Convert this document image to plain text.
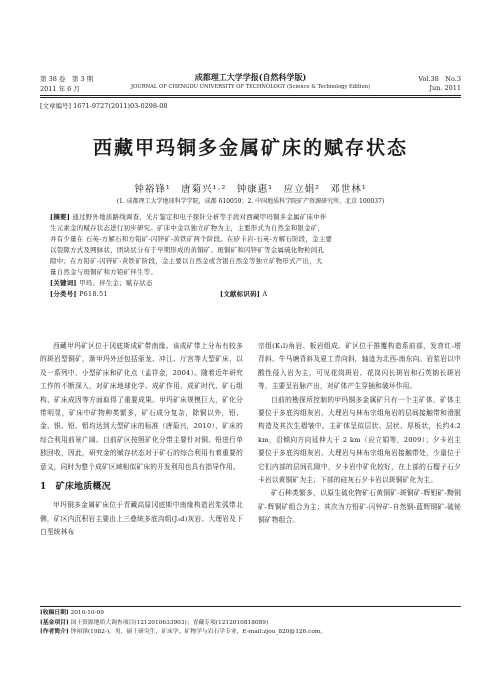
第 38 卷　第 3 期
2011 年 6 月
成都理工大学学报(自然科学版)
JOURNAL OF CHENGDU UNIVERSITY OF TECHNOLOGY (Science & Technology Edition)
Vol.38　No.3
Jun. 2011
[文章编号] 1671-9727(2011)03-0298-08
西藏甲玛铜多金属矿床的赋存状态
钟裕锋¹　唐菊兴¹·²　钟康惠¹　应立娟²　邓世林¹
(1. 成都理工大学地球科学学院，成都 610059；2. 中国地质科学院矿产资源研究所，北京 100037)
[摘要] 通过野外地质路线调查、光片鉴定和电子探针分析等手段对西藏甲玛铜多金属矿床中伴
生元素金的赋存状态进行初步研究。矿床中金以独立矿物为主，主要形式为自然金和银金矿，
并有少量在 石英-方解石和方铅矿-闪锌矿-黄铁矿两个阶段。在矽卡岩-石英-方解石阶段，金主要
以裂隙方式及网脉状、团块状分布于早期形成的黄铜矿、斑铜矿和闪锌矿等金属硫化物粒间孔
隙中；在方铅矿-闪锌矿-黄铁矿阶段，金主要以自然金或含银自然金等独立矿物形式产出，大
量自然金与斑铜矿和方铅矿伴生等。
[关键词] 甲玛；伴生金；赋存状态
[分类号] P618.51	[文献标识码] A

西藏甲玛矿区位于冈底斯成矿带南缘。该成矿带上分布有较多的斑岩型铜矿，渐甲玛外还包括驱龙、冲江、厅宫等大型矿床，以及一系列中、小型矿床和矿化点（孟祥金，2004）。随着近年研究工作的不断深入，对矿床地球化学、成矿作用、成矿时代、矿石组构、矿床成因等方面取得了重要成果。甲玛矿床规模巨大，矿化分带明显，矿床中矿物种类繁多，矿石成分复杂，除铜以外，铅、金、银、铅、钼均达到大型矿床的标准（唐菊兴，2010），矿床的综合利用前景广阔。目前矿区按照矿化分带主要针对铜、铅进行单独回收，因此，研究金的赋存状态对于矿石的综合利用有着重要的意义，同时为整个成矿区域相似矿床的开发利用也具有指导作用。

1　矿床地质概况

甲玛铜多金属矿床位于青藏高原冈底斯中南缘构造岩浆弧带北侧，矿区内沉积岩主要由上三叠统多底沟组(J₃d)灰岩、大理岩及下白垩统林布

宗组(K₁l)角岩、板岩组成。矿区位于推覆构造系前部，发育红-塔背斜、牛马塘背斜及夏工青向斜，轴迹为北西-南东向。岩浆岩以中酸性侵入岩为主，可见花岗斑岩、花岗闪长斑岩和石英钠长斑岩等，主要呈岩脉产出，对矿体产生穿插和破坏作用。

目前的勘探所控制的甲玛铜多金属矿只有一个主矿体，矿体主要位于多底沟组灰岩、大理岩与林布宗组角岩的层间接触带和滑脱构造及其次生褶皱中。主矿体呈似层状、层状、厚板状，长约4.2 km，沿倾向方向延伸大于 2 km（应立娟等，2009）；夕卡岩主要位于多底沟组灰岩、大理岩与林布宗组角岩接触带处，少量位于它们内部的层间孔隙中，夕卡岩中矿化较好，在上部的石榴子石夕卡岩以黄铜矿为主；下部的硅灰石夕卡岩以斑铜矿化为主。

矿石种类繁多，以原生硫化物矿石黄铜矿-斑铜矿-辉钼矿-黝铜矿-辉铜矿组合为主；其次为方铅矿-闪锌矿-自然铜-蓝辉铜矿-硫铋铜矿物组合。

[收稿日期] 2010-10-09
[基金项目] 国土资源地质大调查项目(1212010633903)；青藏专项(1212010818089)
[作者简介] 钟裕锋(1982-)，男，硕士研究生，矿床学、矿物学与岩石学专业，E-mail:zjou_820@126.com。
